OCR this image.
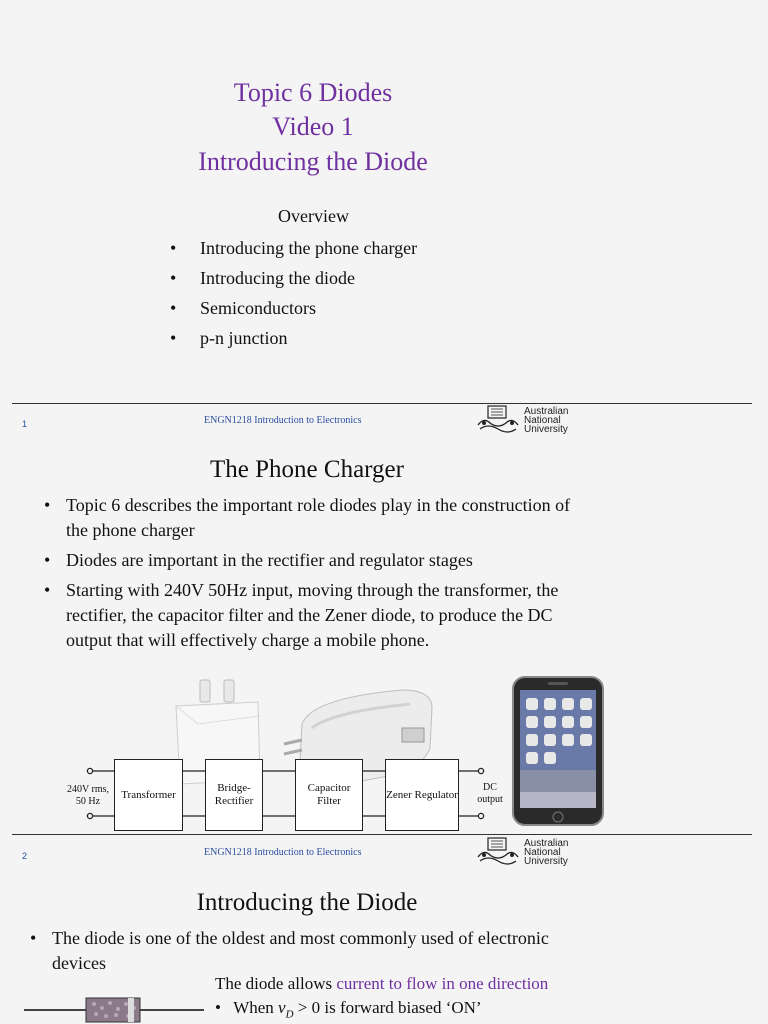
Topic 6 Diodes
Video 1
Introducing the Diode
Overview
• Introducing the phone charger
• Introducing the diode
• Semiconductors
• p-n junction
1	ENGN1218 Introduction to Electronics
Australian
National
University
The Phone Charger
• Topic 6 describes the important role diodes play in the construction of the phone charger
• Diodes are important in the rectifier and regulator stages
• Starting with 240V 50Hz input, moving through the transformer, the rectifier, the capacitor filter and the Zener diode, to produce the DC output that will effectively charge a mobile phone.
240V rms,
50 Hz
Transformer
Bridge-Rectifier
Capacitor Filter
Zener Regulator
DC
output
2	ENGN1218 Introduction to Electronics
Australian
National
University
Introducing the Diode
• The diode is one of the oldest and most commonly used of electronic devices
The diode allows current to flow in one direction
• When $v_D > 0$ is forward biased ‘ON’
